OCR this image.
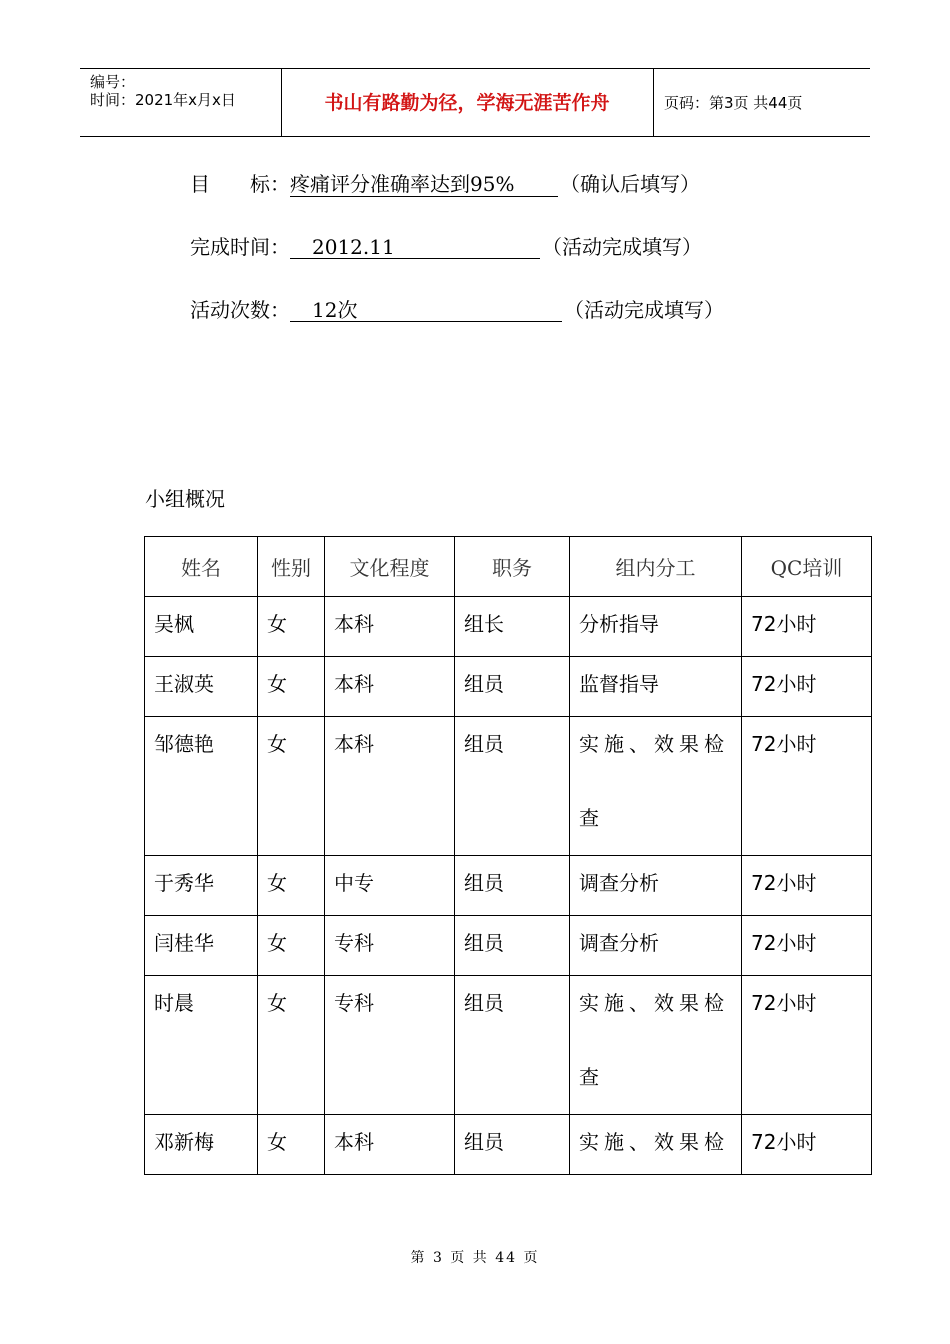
编号：
时间：2021年x月x日	书山有路勤为径，学海无涯苦作舟	页码：第3页 共44页
目　　标：疼痛评分准确率达到95% （确认后填写）
完成时间： 2012.11	（活动完成填写）
活动次数： 12次	（活动完成填写）
小组概况
姓名	性别	文化程度	职务	组内分工	QC培训
吴枫	女	本科	组长	分析指导	72小时
王淑英	女	本科	组员	监督指导	72小时
邹德艳	女	本科	组员	实施、效果检查	72小时
于秀华	女	中专	组员	调查分析	72小时
闫桂华	女	专科	组员	调查分析	72小时
时晨	女	专科	组员	实施、效果检查	72小时
邓新梅	女	本科	组员	实施、效果检	72小时
第 3 页 共 44 页
